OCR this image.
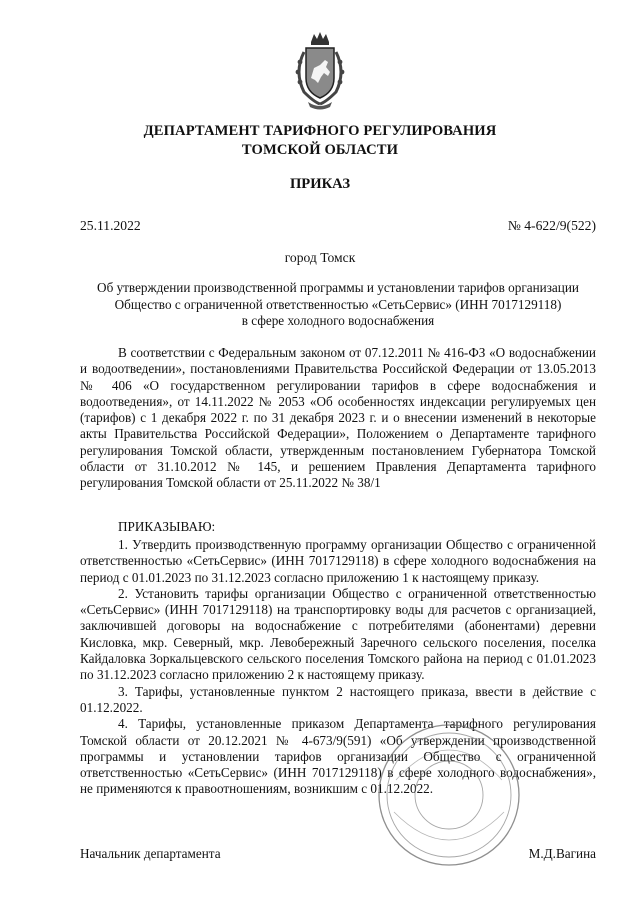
ДЕПАРТАМЕНТ ТАРИФНОГО РЕГУЛИРОВАНИЯ
ТОМСКОЙ ОБЛАСТИ
ПРИКАЗ
25.11.2022	№ 4-622/9(522)
город Томск
Об утверждении производственной программы и установлении тарифов организации
Общество с ограниченной ответственностью «СетьСервис» (ИНН 7017129118)
в сфере холодного водоснабжения
В соответствии с Федеральным законом от 07.12.2011 № 416-ФЗ «О водоснабжении и водоотведении», постановлениями Правительства Российской Федерации от 13.05.2013 № 406 «О государственном регулировании тарифов в сфере водоснабжения и водоотведения», от 14.11.2022 № 2053 «Об особенностях индексации регулируемых цен (тарифов) с 1 декабря 2022 г. по 31 декабря 2023 г. и о внесении изменений в некоторые акты Правительства Российской Федерации», Положением о Департаменте тарифного регулирования Томской области, утвержденным постановлением Губернатора Томской области от 31.10.2012 № 145, и решением Правления Департамента тарифного регулирования Томской области от 25.11.2022 № 38/1
ПРИКАЗЫВАЮ:

1. Утвердить производственную программу организации Общество с ограниченной ответственностью «СетьСервис» (ИНН 7017129118) в сфере холодного водоснабжения на период с 01.01.2023 по 31.12.2023 согласно приложению 1 к настоящему приказу.

2. Установить тарифы организации Общество с ограниченной ответственностью «СетьСервис» (ИНН 7017129118) на транспортировку воды для расчетов с организацией, заключившей договоры на водоснабжение с потребителями (абонентами) деревни Кисловка, мкр. Северный, мкр. Левобережный Заречного сельского поселения, поселка Кайдаловка Зоркальцевского сельского поселения Томского района на период с 01.01.2023 по 31.12.2023 согласно приложению 2 к настоящему приказу.

3. Тарифы, установленные пунктом 2 настоящего приказа, ввести в действие с 01.12.2022.

4. Тарифы, установленные приказом Департамента тарифного регулирования Томской области от 20.12.2021 № 4-673/9(591) «Об утверждении производственной программы и установлении тарифов организации Общество с ограниченной ответственностью «СетьСервис» (ИНН 7017129118) в сфере холодного водоснабжения», не применяются к правоотношениям, возникшим с 01.12.2022.

Начальник департамента	М.Д.Вагина
